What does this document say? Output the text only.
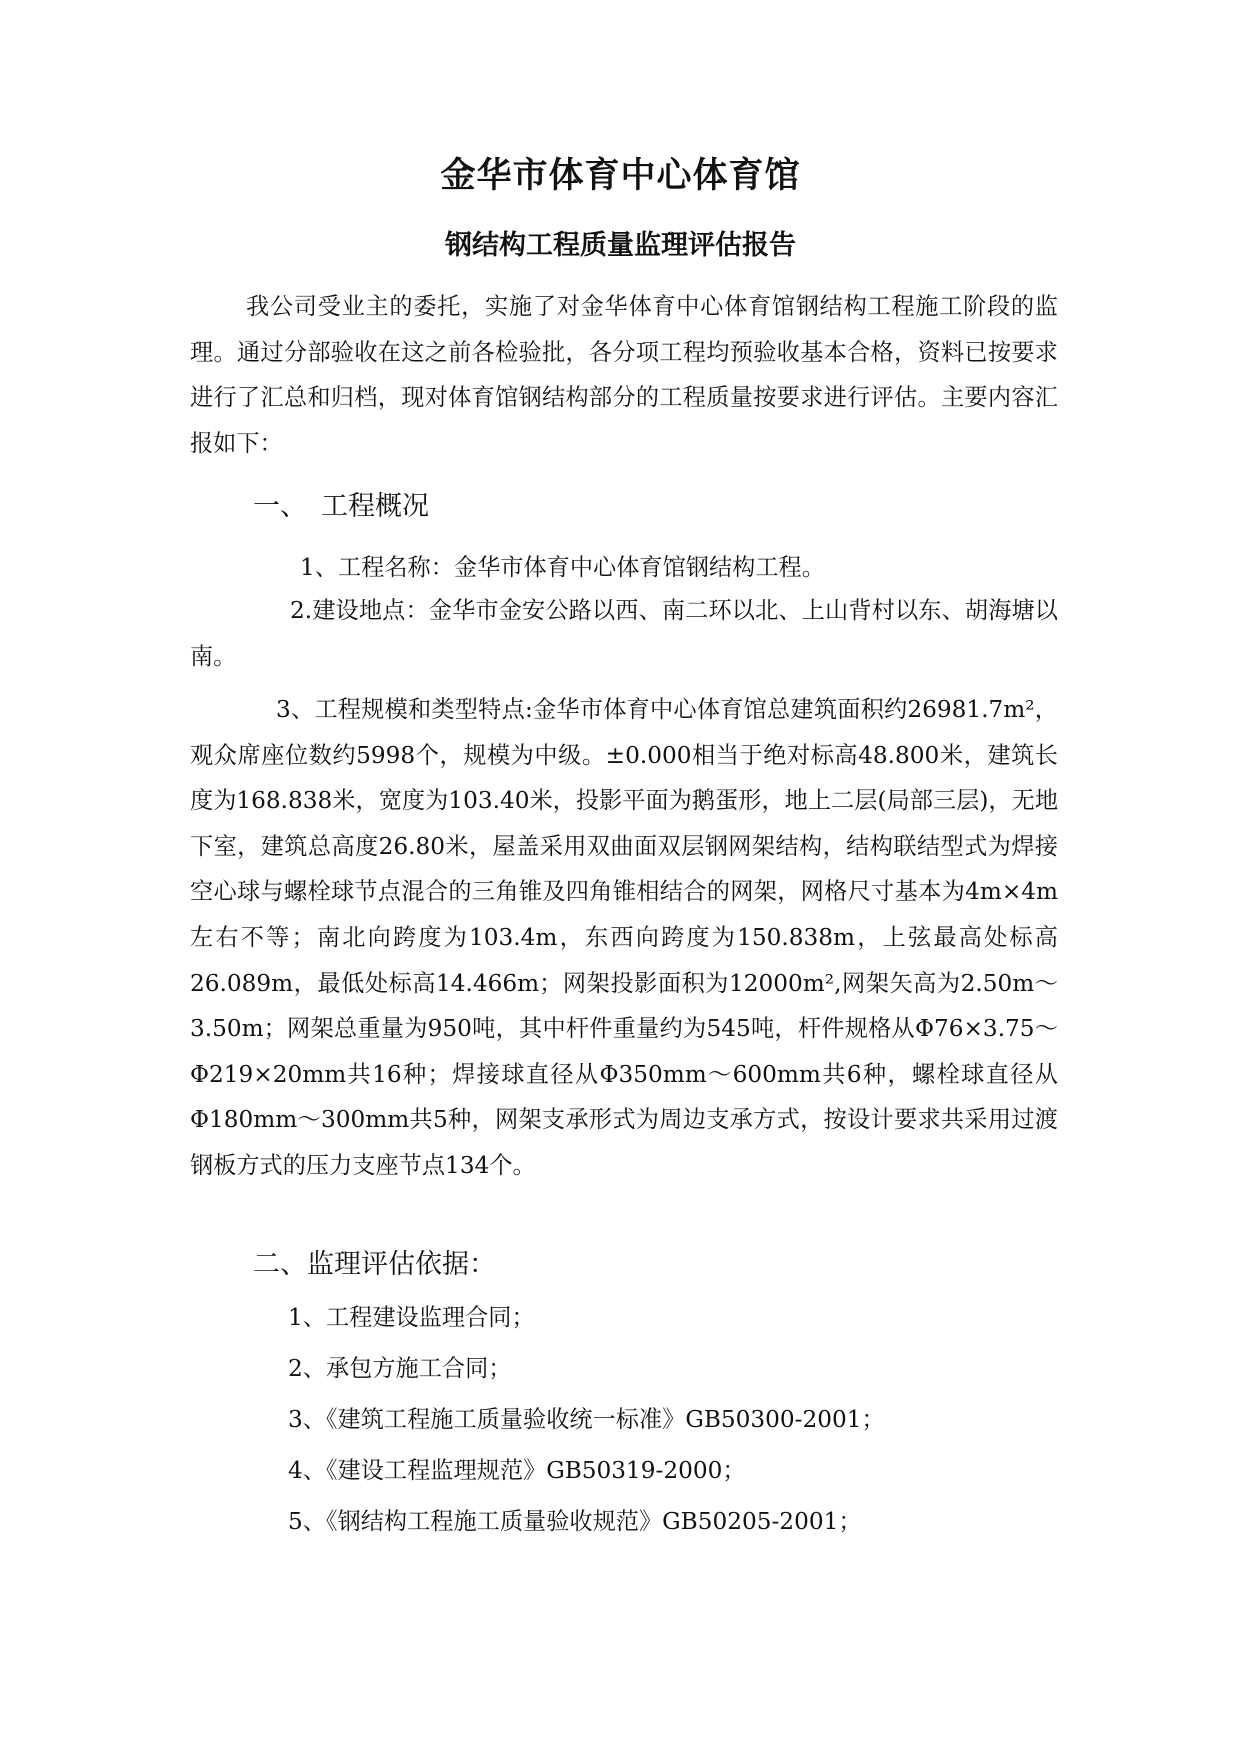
金华市体育中心体育馆
钢结构工程质量监理评估报告
我公司受业主的委托，实施了对金华体育中心体育馆钢结构工程施工阶段的监理。通过分部验收在这之前各检验批，各分项工程均预验收基本合格，资料已按要求进行了汇总和归档，现对体育馆钢结构部分的工程质量按要求进行评估。主要内容汇报如下：
一、 工程概况
1、工程名称：金华市体育中心体育馆钢结构工程。
2.建设地点：金华市金安公路以西、南二环以北、上山背村以东、胡海塘以南。
3、工程规模和类型特点:金华市体育中心体育馆总建筑面积约26981.7m²，观众席座位数约5998个，规模为中级。±0.000相当于绝对标高48.800米，建筑长度为168.838米，宽度为103.40米，投影平面为鹅蛋形，地上二层(局部三层)，无地下室，建筑总高度26.80米，屋盖采用双曲面双层钢网架结构，结构联结型式为焊接空心球与螺栓球节点混合的三角锥及四角锥相结合的网架，网格尺寸基本为4m×4m左右不等；南北向跨度为103.4m，东西向跨度为150.838m，上弦最高处标高26.089m，最低处标高14.466m；网架投影面积为12000m²,网架矢高为2.50m～3.50m；网架总重量为950吨，其中杆件重量约为545吨，杆件规格从Φ76×3.75～Φ219×20mm共16种；焊接球直径从Φ350mm～600mm共6种，螺栓球直径从Φ180mm～300mm共5种，网架支承形式为周边支承方式，按设计要求共采用过渡钢板方式的压力支座节点134个。
二、监理评估依据：
1、工程建设监理合同；
2、承包方施工合同；
3、《建筑工程施工质量验收统一标准》GB50300-2001；
4、《建设工程监理规范》GB50319-2000；
5、《钢结构工程施工质量验收规范》GB50205-2001；
